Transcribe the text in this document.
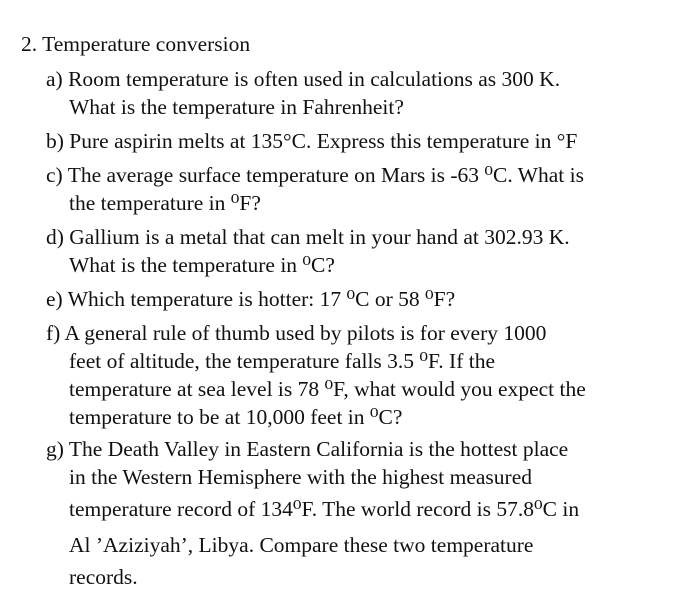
2. Temperature conversion
a) Room temperature is often used in calculations as 300 K.
What is the temperature in Fahrenheit?
b) Pure aspirin melts at 135°C. Express this temperature in °F
c) The average surface temperature on Mars is -63 ⁰C. What is
the temperature in ⁰F?
d) Gallium is a metal that can melt in your hand at 302.93 K.
What is the temperature in ⁰C?
e) Which temperature is hotter: 17 ⁰C or 58 ⁰F?
f) A general rule of thumb used by pilots is for every 1000
feet of altitude, the temperature falls 3.5 ⁰F. If the
temperature at sea level is 78 ⁰F, what would you expect the
temperature to be at 10,000 feet in ⁰C?
g) The Death Valley in Eastern California is the hottest place
in the Western Hemisphere with the highest measured
temperature record of 134⁰F. The world record is 57.8⁰C in
Al ’Aziziyah’, Libya. Compare these two temperature
records.
